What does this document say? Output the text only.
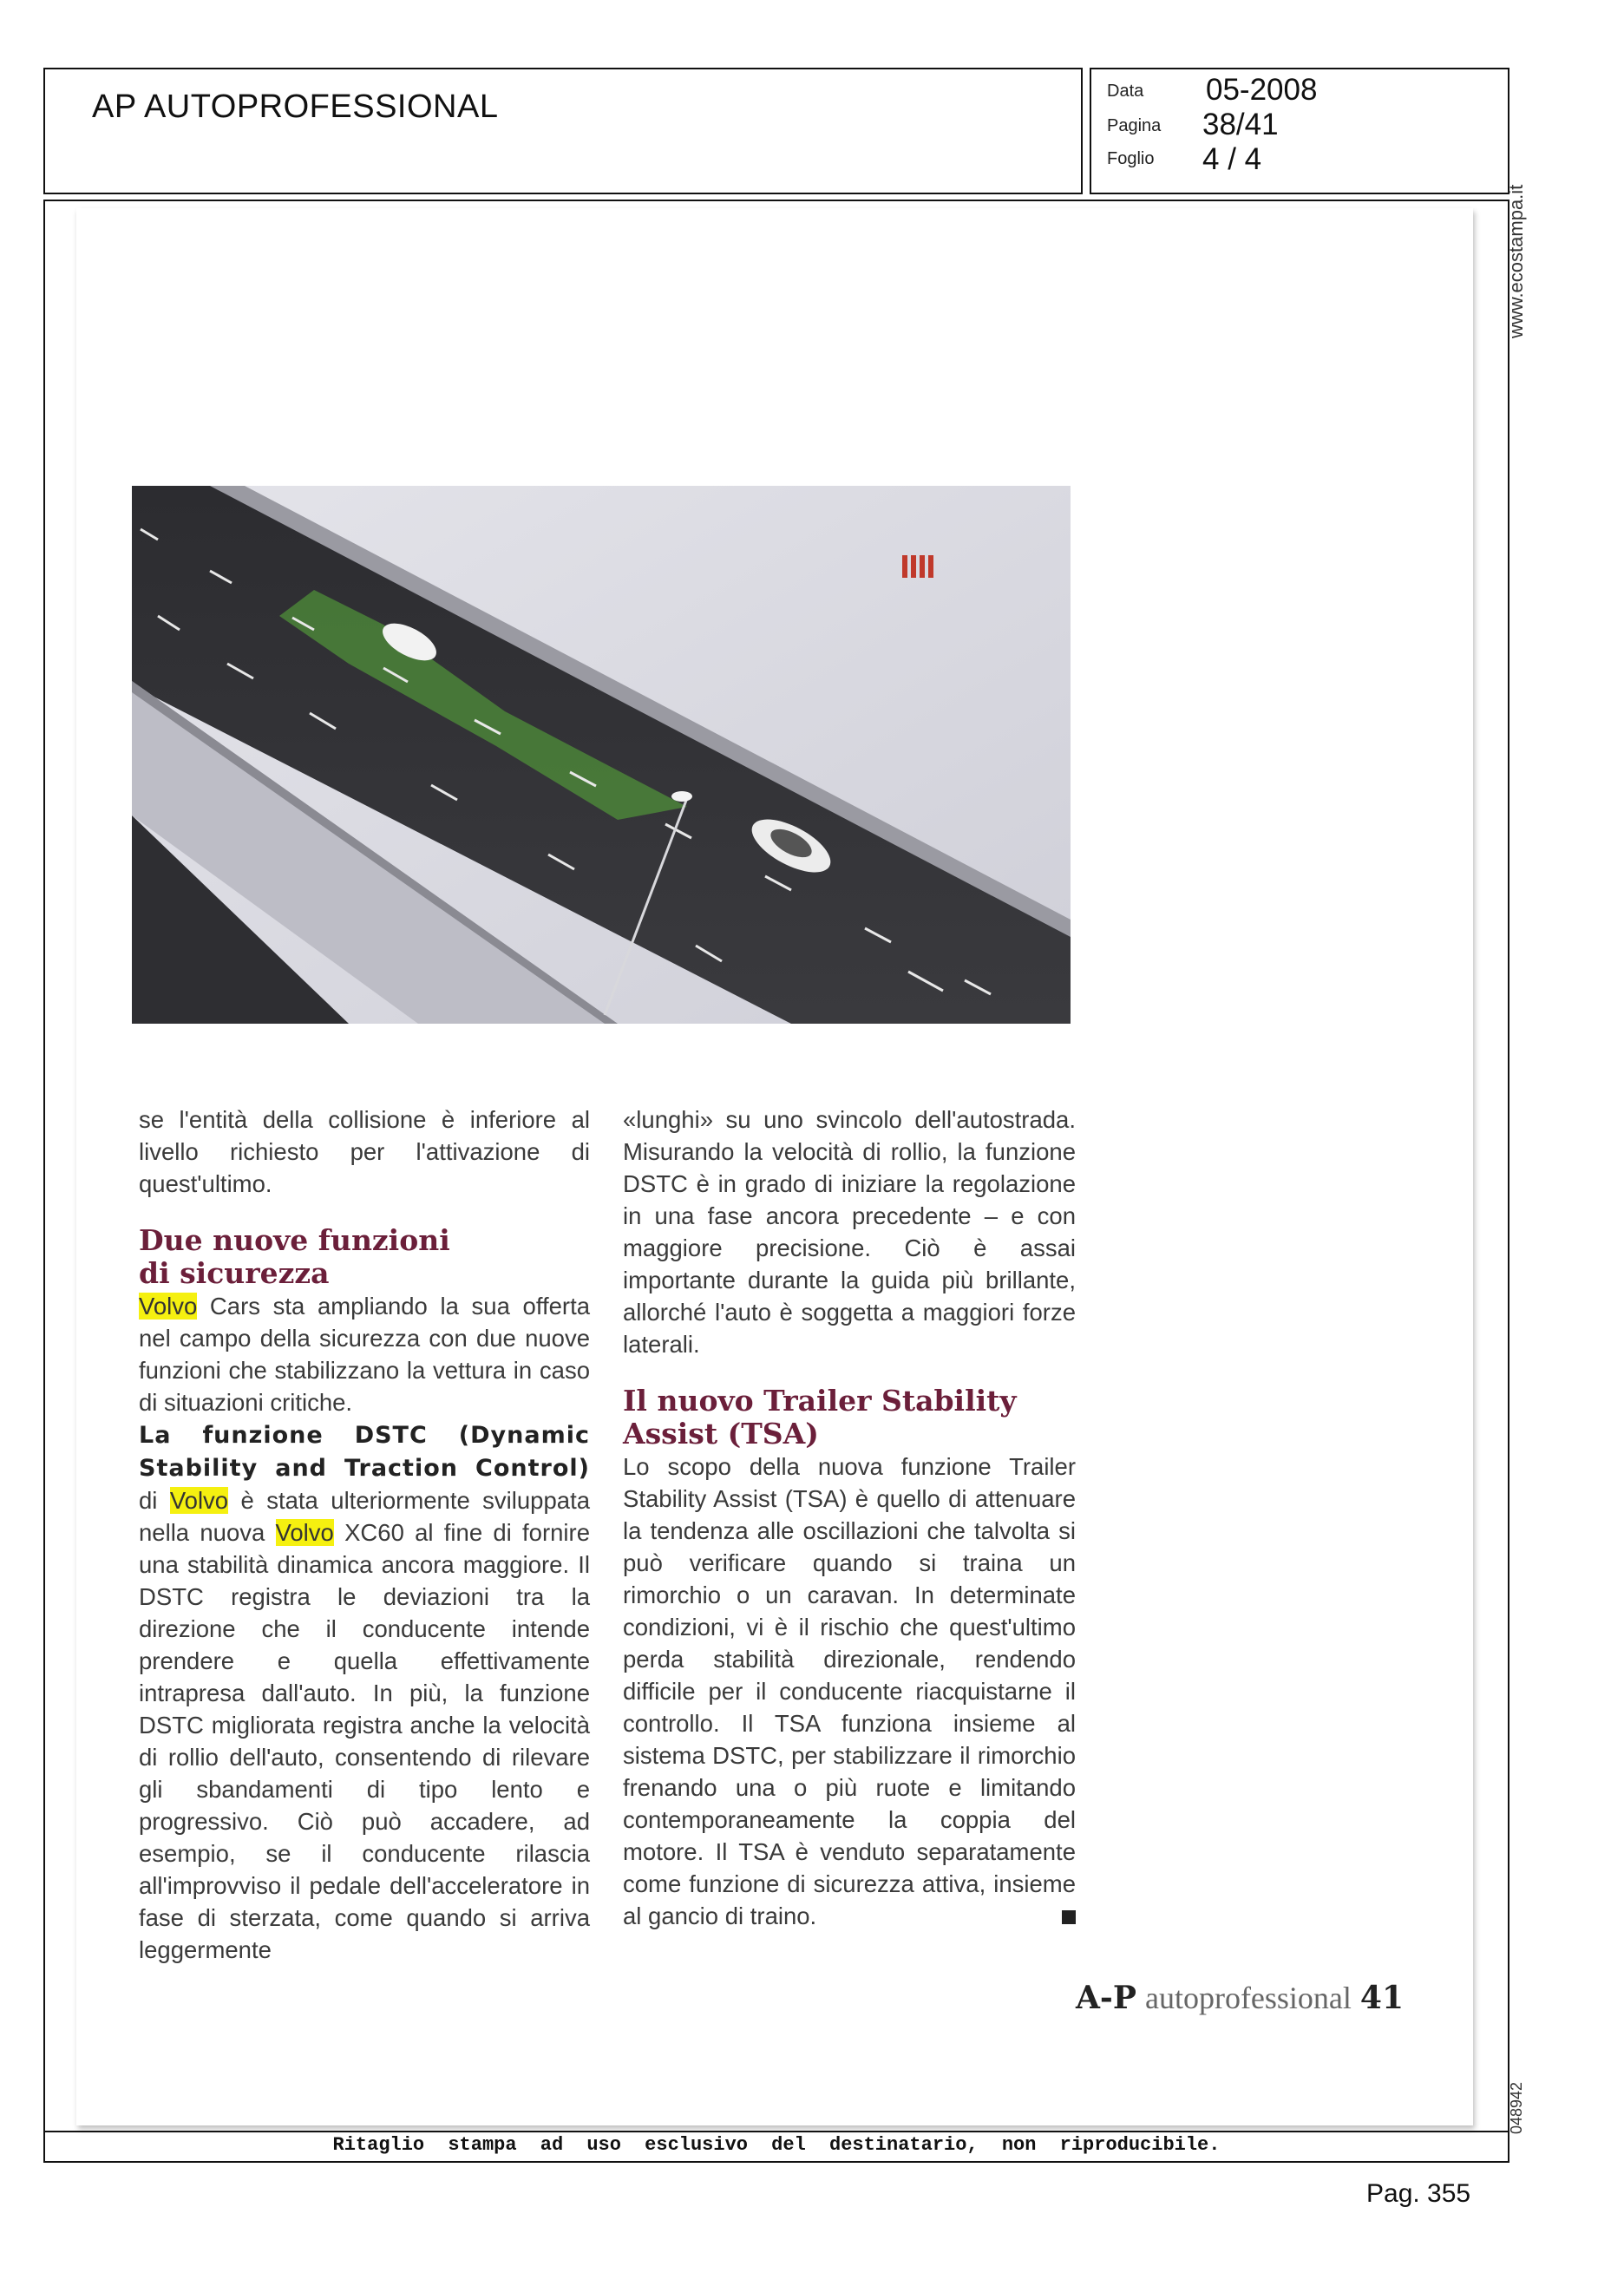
AP AUTOPROFESSIONAL	Data 05-2008
Pagina 38/41
Foglio 4 / 4
www.ecostampa.it
048942

se l'entità della collisione è inferiore al livello richiesto per l'attivazione di quest'ultimo.

Due nuove funzioni
di sicurezza

Volvo Cars sta ampliando la sua offerta nel campo della sicurezza con due nuove funzioni che stabilizzano la vettura in caso di situazioni critiche.

La funzione DSTC (Dynamic Stability and Traction Control) di Volvo è stata ulteriormente sviluppata nella nuova Volvo XC60 al fine di fornire una stabilità dinamica ancora maggiore. Il DSTC registra le deviazioni tra la direzione che il conducente intende prendere e quella effettivamente intrapresa dall'auto. In più, la funzione DSTC migliorata registra anche la velocità di rollio dell'auto, consentendo di rilevare gli sbandamenti di tipo lento e progressivo. Ciò può accadere, ad esempio, se il conducente rilascia all'improvviso il pedale dell'acceleratore in fase di sterzata, come quando si arriva leggermente

«lunghi» su uno svincolo dell'autostrada. Misurando la velocità di rollio, la funzione DSTC è in grado di iniziare la regolazione in una fase ancora precedente – e con maggiore precisione. Ciò è assai importante durante la guida più brillante, allorché l'auto è soggetta a maggiori forze laterali.

Il nuovo Trailer Stability
Assist (TSA)

Lo scopo della nuova funzione Trailer Stability Assist (TSA) è quello di attenuare la tendenza alle oscillazioni che talvolta si può verificare quando si traina un rimorchio o un caravan. In determinate condizioni, vi è il rischio che quest'ultimo perda stabilità direzionale, rendendo difficile per il conducente riacquistarne il controllo. Il TSA funziona insieme al sistema DSTC, per stabilizzare il rimorchio frenando una o più ruote e limitando contemporaneamente la coppia del motore. Il TSA è venduto separatamente come funzione di sicurezza attiva, insieme al gancio di traino.

A-P autoprofessional 41
Ritaglio stampa ad uso esclusivo del destinatario, non riproducibile.
Pag. 355
